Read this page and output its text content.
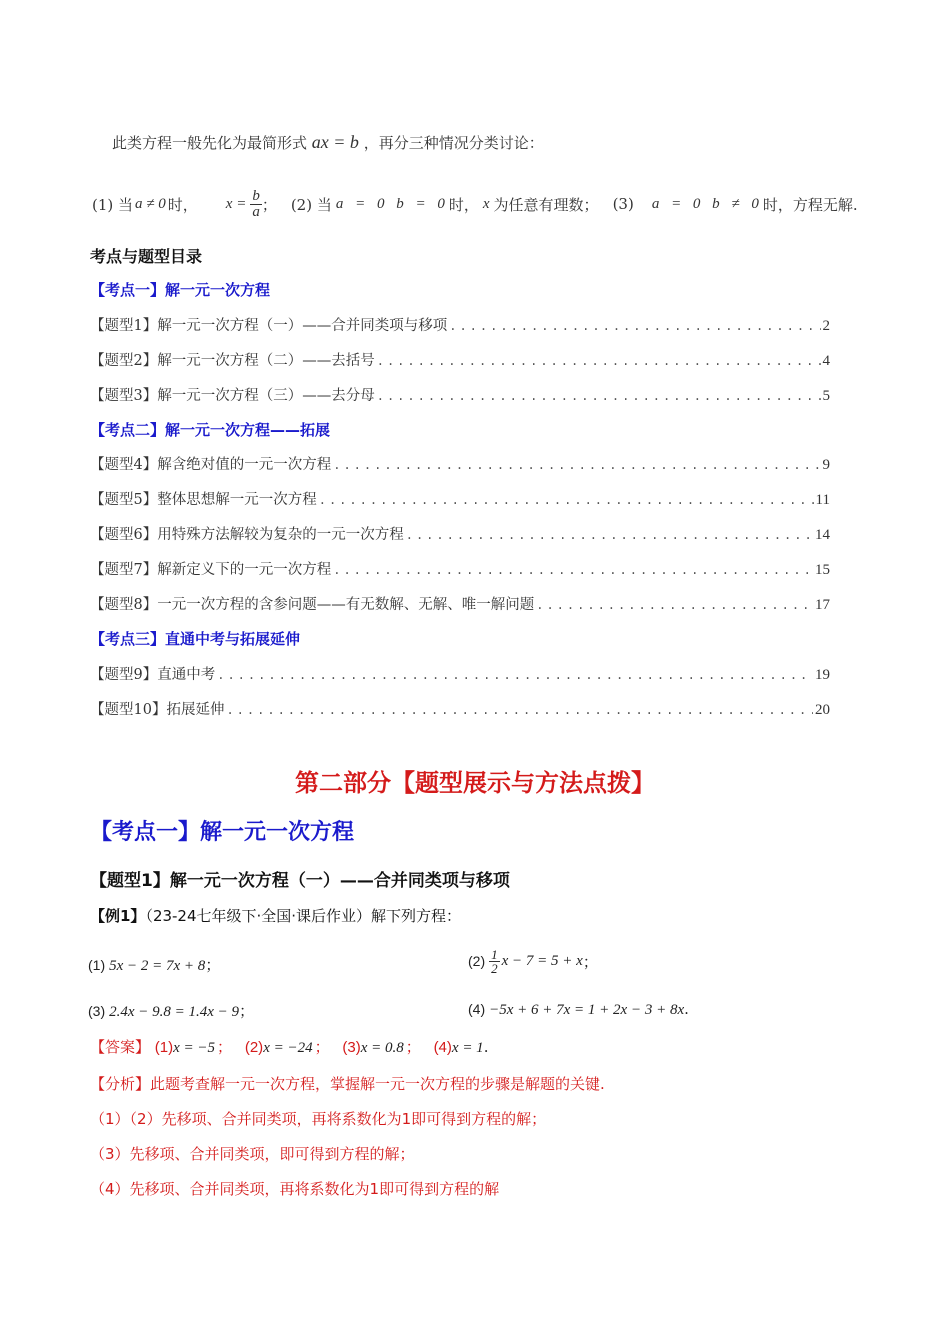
此类方程一般先化为最简形式 ax = b ，再分三种情况分类讨论：
(1) 当 a ≠ 0 时， $x = \frac{b}{a}$ ； (2) 当 a = 0 b = 0 时， x 为任意有理数； (3) a = 0 b ≠ 0 时，方程无解.
考点与题型目录
【考点一】解一元一次方程
【题型1】解一元一次方程（一）——合并同类项与移项 .....	2
【题型2】解一元一次方程（二）——去括号 .....	4
【题型3】解一元一次方程（三）——去分母 .....	5
【考点二】解一元一次方程——拓展
【题型4】解含绝对值的一元一次方程 .....	9
【题型5】整体思想解一元一次方程 .....	11
【题型6】用特殊方法解较为复杂的一元一次方程 .....	14
【题型7】解新定义下的一元一次方程 .....	15
【题型8】一元一次方程的含参问题——有无数解、无解、唯一解问题 .....	17
【考点三】直通中考与拓展延伸
【题型9】直通中考 .....	19
【题型10】拓展延伸 .....	20
第二部分【题型展示与方法点拨】
【考点一】解一元一次方程
【题型1】解一元一次方程（一）——合并同类项与移项
【例1】（23-24七年级下·全国·课后作业）解下列方程：
(1) 5x − 2 = 7x + 8；	$(2) \frac{1}{2}$ x − 7 = 5 + x ；
(3) 2.4x − 9.8 = 1.4x − 9；	(4) −5x + 6 + 7x = 1 + 2x − 3 + 8x.
【答案】 (1)x = −5 ； (2)x = −24 ； (3)x = 0.8 ； (4)x = 1.
【分析】此题考查解一元一次方程，掌握解一元一次方程的步骤是解题的关键.
（1）（2）先移项、合并同类项，再将系数化为1即可得到方程的解；
（3）先移项、合并同类项，即可得到方程的解；
（4）先移项、合并同类项，再将系数化为1即可得到方程的解
